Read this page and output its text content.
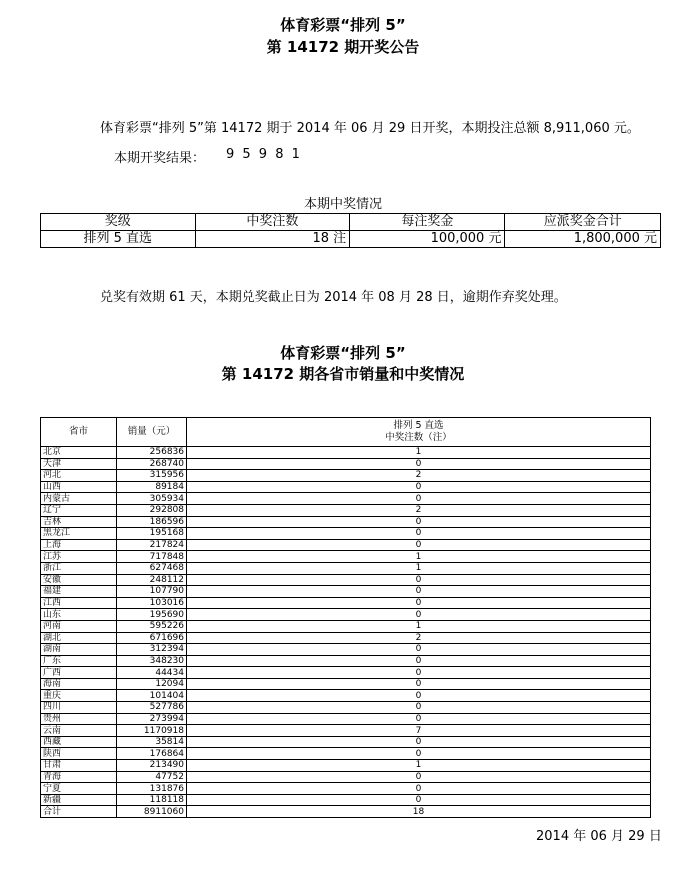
体育彩票“排列 5”
第 14172 期开奖公告
体育彩票“排列 5”第 14172 期于 2014 年 06 月 29 日开奖，本期投注总额 8,911,060 元。
本期开奖结果： 9 5 9 8 1
本期中奖情况
奖级	中奖注数	每注奖金	应派奖金合计
排列 5 直选	18 注	100,000 元	1,800,000 元
兑奖有效期 61 天，本期兑奖截止日为 2014 年 08 月 28 日，逾期作弃奖处理。
体育彩票“排列 5”
第 14172 期各省市销量和中奖情况
省市	销量（元）	排列 5 直选
中奖注数（注）

北京	256836	1
天津	268740	0
河北	315956	2
山西	89184	0
内蒙古	305934	0
辽宁	292808	2
吉林	186596	0
黑龙江	195168	0
上海	217824	0
江苏	717848	1
浙江	627468	1
安徽	248112	0
福建	107790	0
江西	103016	0
山东	195690	0
河南	595226	1
湖北	671696	2
湖南	312394	0
广东	348230	0
广西	44434	0
海南	12094	0
重庆	101404	0
四川	527786	0
贵州	273994	0
云南	1170918	7
西藏	35814	0
陕西	176864	0
甘肃	213490	1
青海	47752	0
宁夏	131876	0
新疆	118118	0
合计	8911060	18
2014 年 06 月 29 日
